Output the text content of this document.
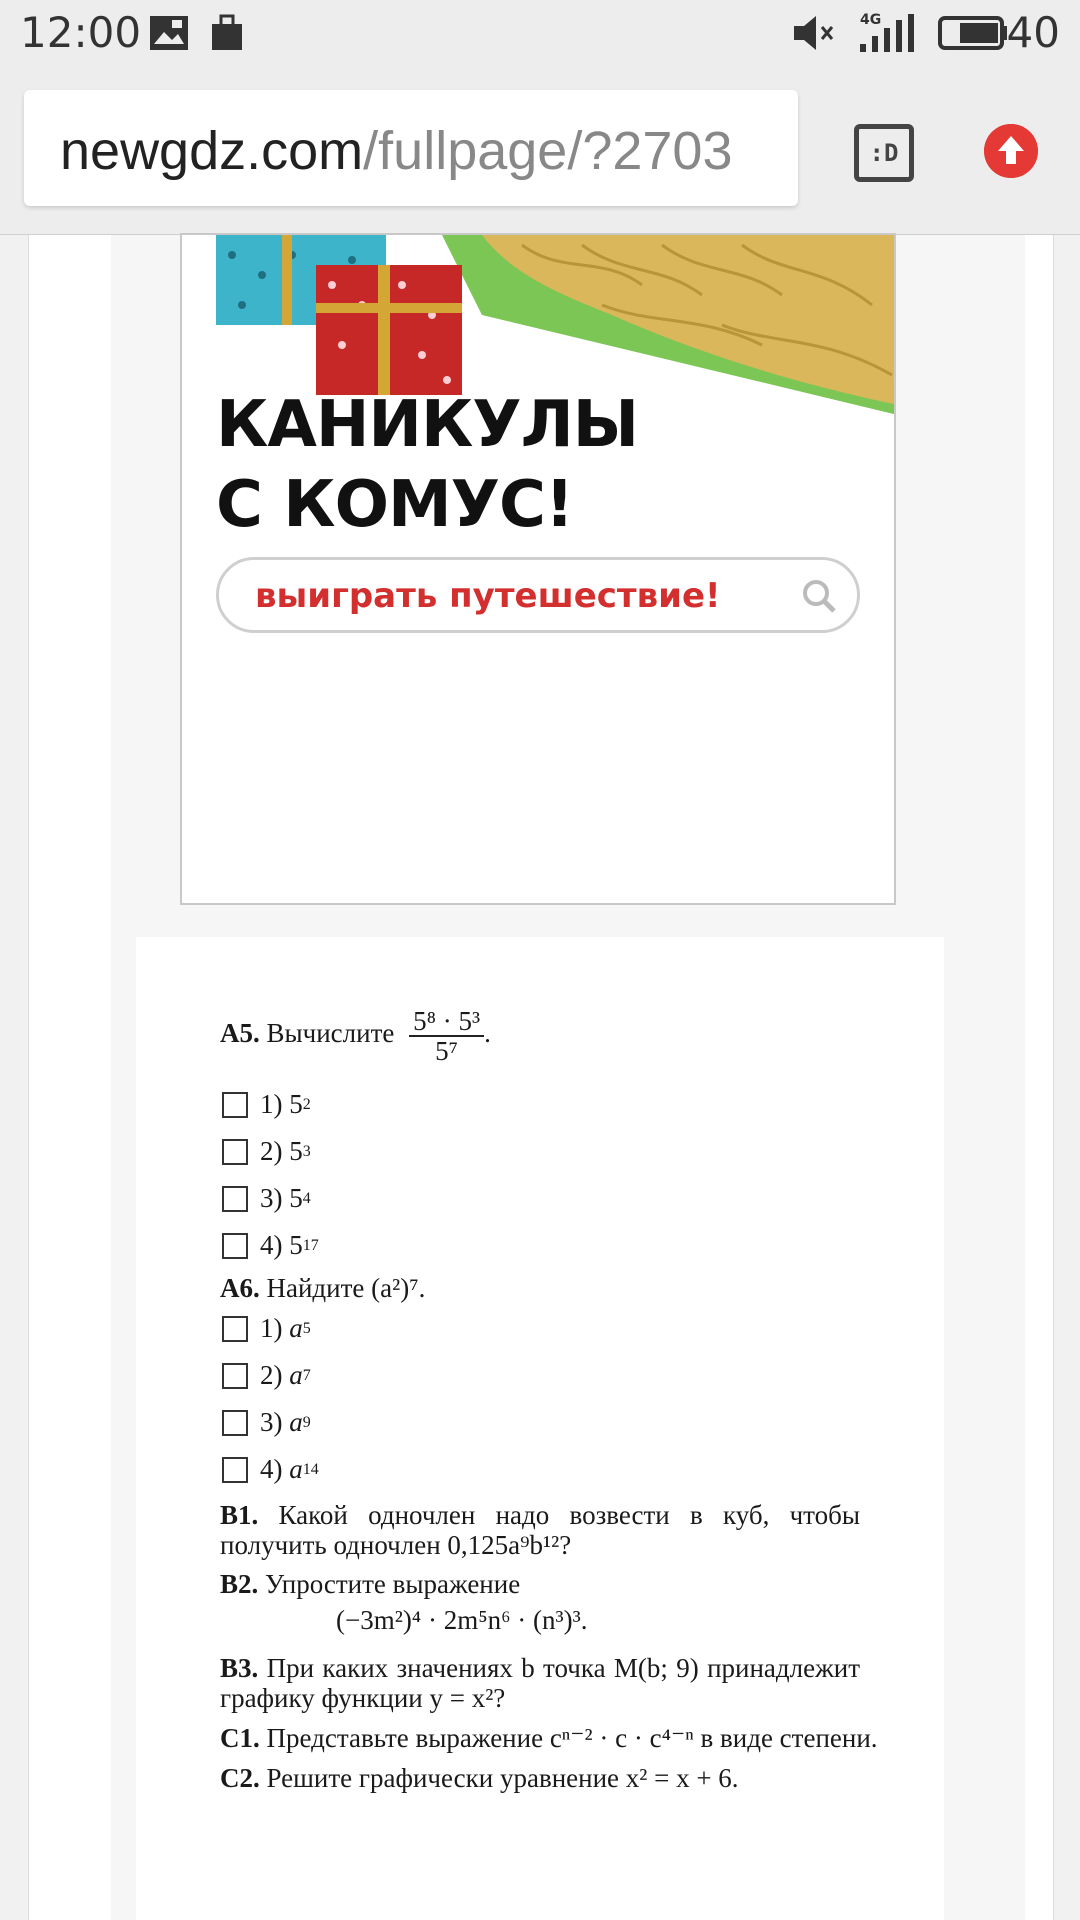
12:00	4G	40
newgdz.com/fullpage/?2703	:D
КАНИКУЛЫ
С КОМУС!
выиграть путешествие!
А5. Вычислите $\frac{\text{5⁸ · 5³}}{\text{5⁷}}$ .
1)
5 2
2)
5 3
3)
5 4
4)
5 17
А6. Найдите (a²)⁷.
1)
a 5
2)
a 7
3)
a 9
4)
a 14
В1. Какой одночлен надо возвести в куб, чтобы получить одночлен 0,125a⁹b¹²?
В2. Упростите выражение
(−3m²)⁴ · 2m⁵n⁶ · (n³)³.
В3. При каких значениях b точка M(b; 9) принадлежит графику функции y = x²?
С1. Представьте выражение cⁿ⁻² · c · c⁴⁻ⁿ в виде степени.
С2. Решите графически уравнение x² = x + 6.
